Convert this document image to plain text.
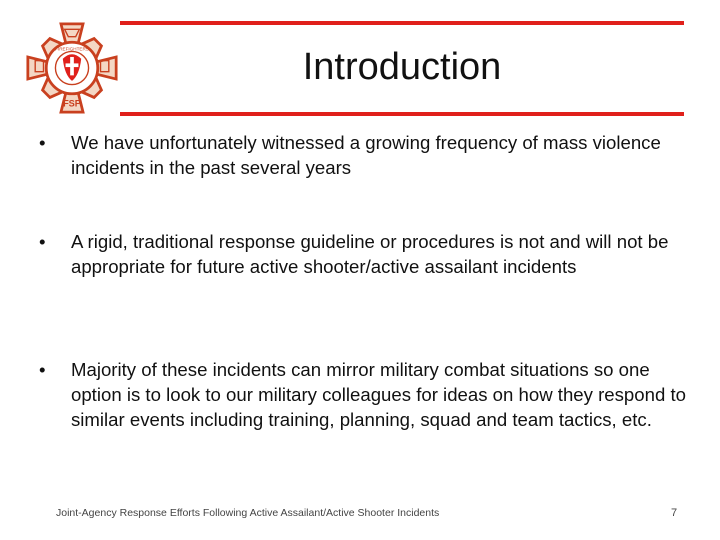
FIREFIGHTERS
FSP
Introduction
• We have unfortunately witnessed a growing frequency of mass violence incidents in the past several years
• A rigid, traditional response guideline or procedures is not and will not be appropriate for future active shooter/active assailant incidents
• Majority of these incidents can mirror military combat situations so one option is to look to our military colleagues for ideas on how they respond to similar events including training, planning, squad and team tactics, etc.
Joint-Agency Response Efforts Following Active Assailant/Active Shooter Incidents	7
